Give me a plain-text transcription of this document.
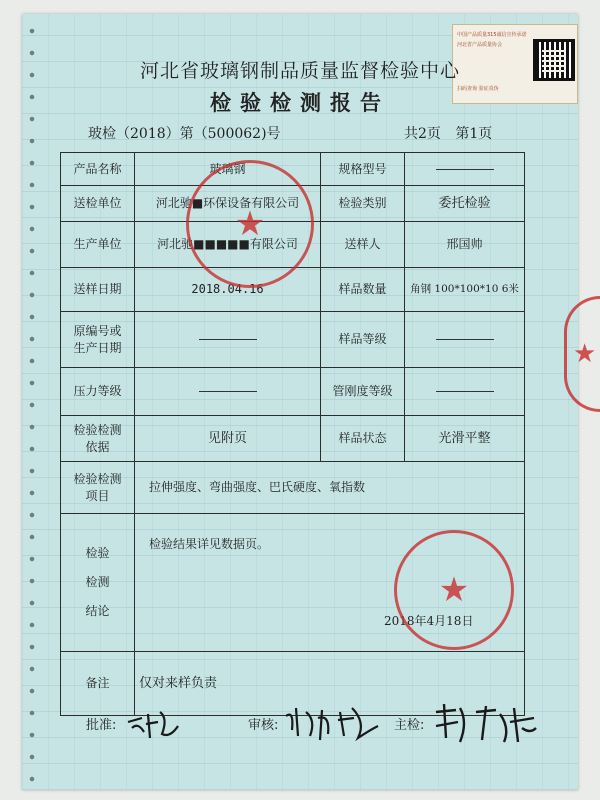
中国产品质量315诚信宣传承诺
河北省产品质量协会
扫码查询 验证真伪
河北省玻璃钢制品质量监督检验中心
检验检测报告
玻检（2018）第（500062)号	共2页 第1页
产品名称	玻璃钢	规格型号	
送检单位	河北驰■环保设备有限公司	检验类别	委托检验
生产单位	河北驰■■■■■有限公司	送样人	邢国帅
送样日期	2018.04.16	样品数量	角钢 100*100*10 6米

原编号或
生产日期		样品等级	
压力等级		管刚度等级	

检验检测
依据	见附页	样品状态	光滑平整

检验检测
项目	拉伸强度、弯曲强度、巴氏硬度、氧指数		

检验
检测
结论	检验结果详见数据页。		
备注	仅对来样负责		
2018年4月18日
★
★
★
批准:	审核:	主检:
